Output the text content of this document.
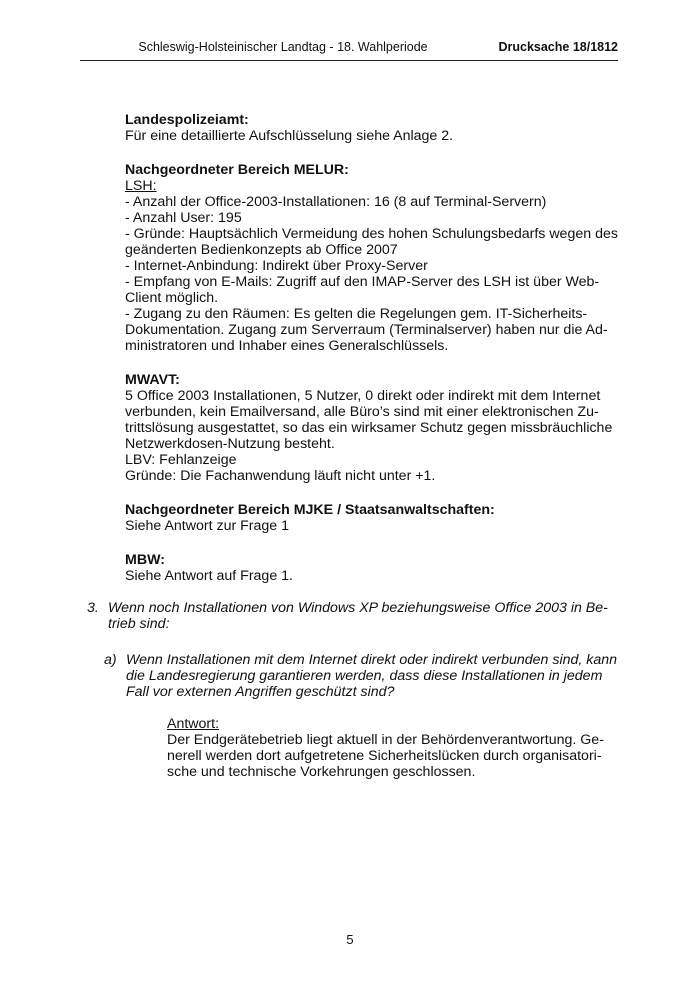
Schleswig-Holsteinischer Landtag - 18. Wahlperiode	Drucksache 18/1812
Landespolizeiamt:
Für eine detaillierte Aufschlüsselung siehe Anlage 2.
Nachgeordneter Bereich MELUR:
LSH:
- Anzahl der Office-2003-Installationen: 16 (8 auf Terminal-Servern)
- Anzahl User: 195
- Gründe: Hauptsächlich Vermeidung des hohen Schulungsbedarfs wegen des
geänderten Bedienkonzepts ab Office 2007
- Internet-Anbindung: Indirekt über Proxy-Server
- Empfang von E-Mails: Zugriff auf den IMAP-Server des LSH ist über Web-
Client möglich.
- Zugang zu den Räumen: Es gelten die Regelungen gem. IT-Sicherheits-
Dokumentation. Zugang zum Serverraum (Terminalserver) haben nur die Ad-
ministratoren und Inhaber eines Generalschlüssels.
MWAVT:
5 Office 2003 Installationen, 5 Nutzer, 0 direkt oder indirekt mit dem Internet
verbunden, kein Emailversand, alle Büro’s sind mit einer elektronischen Zu-
trittslösung ausgestattet, so das ein wirksamer Schutz gegen missbräuchliche
Netzwerkdosen-Nutzung besteht.
LBV: Fehlanzeige
Gründe: Die Fachanwendung läuft nicht unter +1.
Nachgeordneter Bereich MJKE / Staatsanwaltschaften:
Siehe Antwort zur Frage 1
MBW:
Siehe Antwort auf Frage 1.
3. Wenn noch Installationen von Windows XP beziehungsweise Office 2003 in Be-
trieb sind:
a) Wenn Installationen mit dem Internet direkt oder indirekt verbunden sind, kann
die Landesregierung garantieren werden, dass diese Installationen in jedem
Fall vor externen Angriffen geschützt sind?
Antwort:
Der Endgerätebetrieb liegt aktuell in der Behördenverantwortung. Ge-
nerell werden dort aufgetretene Sicherheitslücken durch organisatori-
sche und technische Vorkehrungen geschlossen.
5
